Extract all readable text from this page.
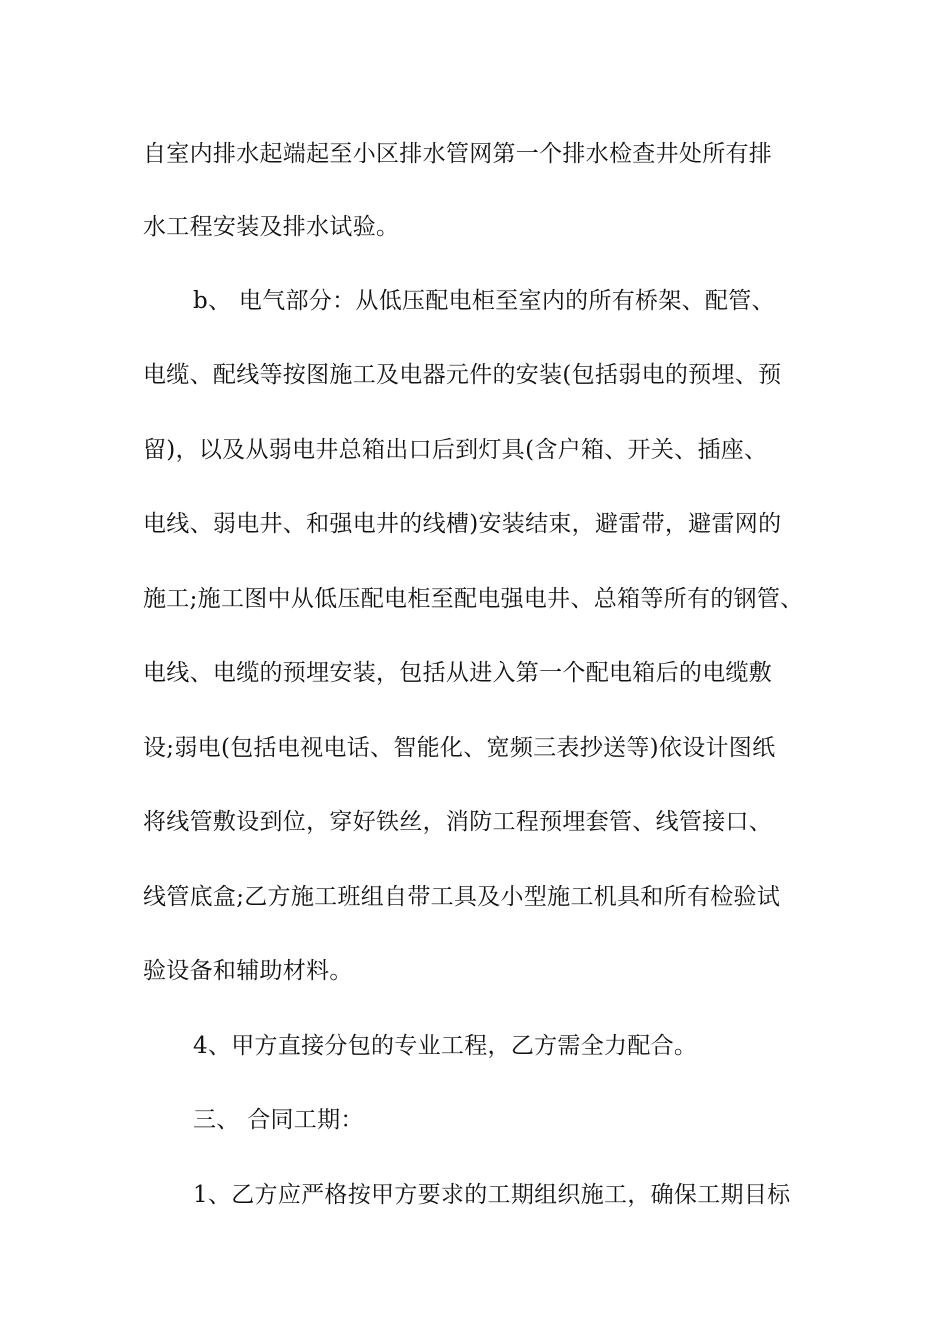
自室内排水起端起至小区排水管网第一个排水检查井处所有排
水工程安装及排水试验。
b、 电气部分：从低压配电柜至室内的所有桥架、配管、
电缆、配线等按图施工及电器元件的安装(包括弱电的预埋、预
留)，以及从弱电井总箱出口后到灯具(含户箱、开关、插座、
电线、弱电井、和强电井的线槽)安装结束，避雷带，避雷网的
施工;施工图中从低压配电柜至配电强电井、总箱等所有的钢管、
电线、电缆的预埋安装，包括从进入第一个配电箱后的电缆敷
设;弱电(包括电视电话、智能化、宽频三表抄送等)依设计图纸
将线管敷设到位，穿好铁丝，消防工程预埋套管、线管接口、
线管底盒;乙方施工班组自带工具及小型施工机具和所有检验试
验设备和辅助材料。
4、甲方直接分包的专业工程，乙方需全力配合。
三、 合同工期：
1、乙方应严格按甲方要求的工期组织施工，确保工期目标
